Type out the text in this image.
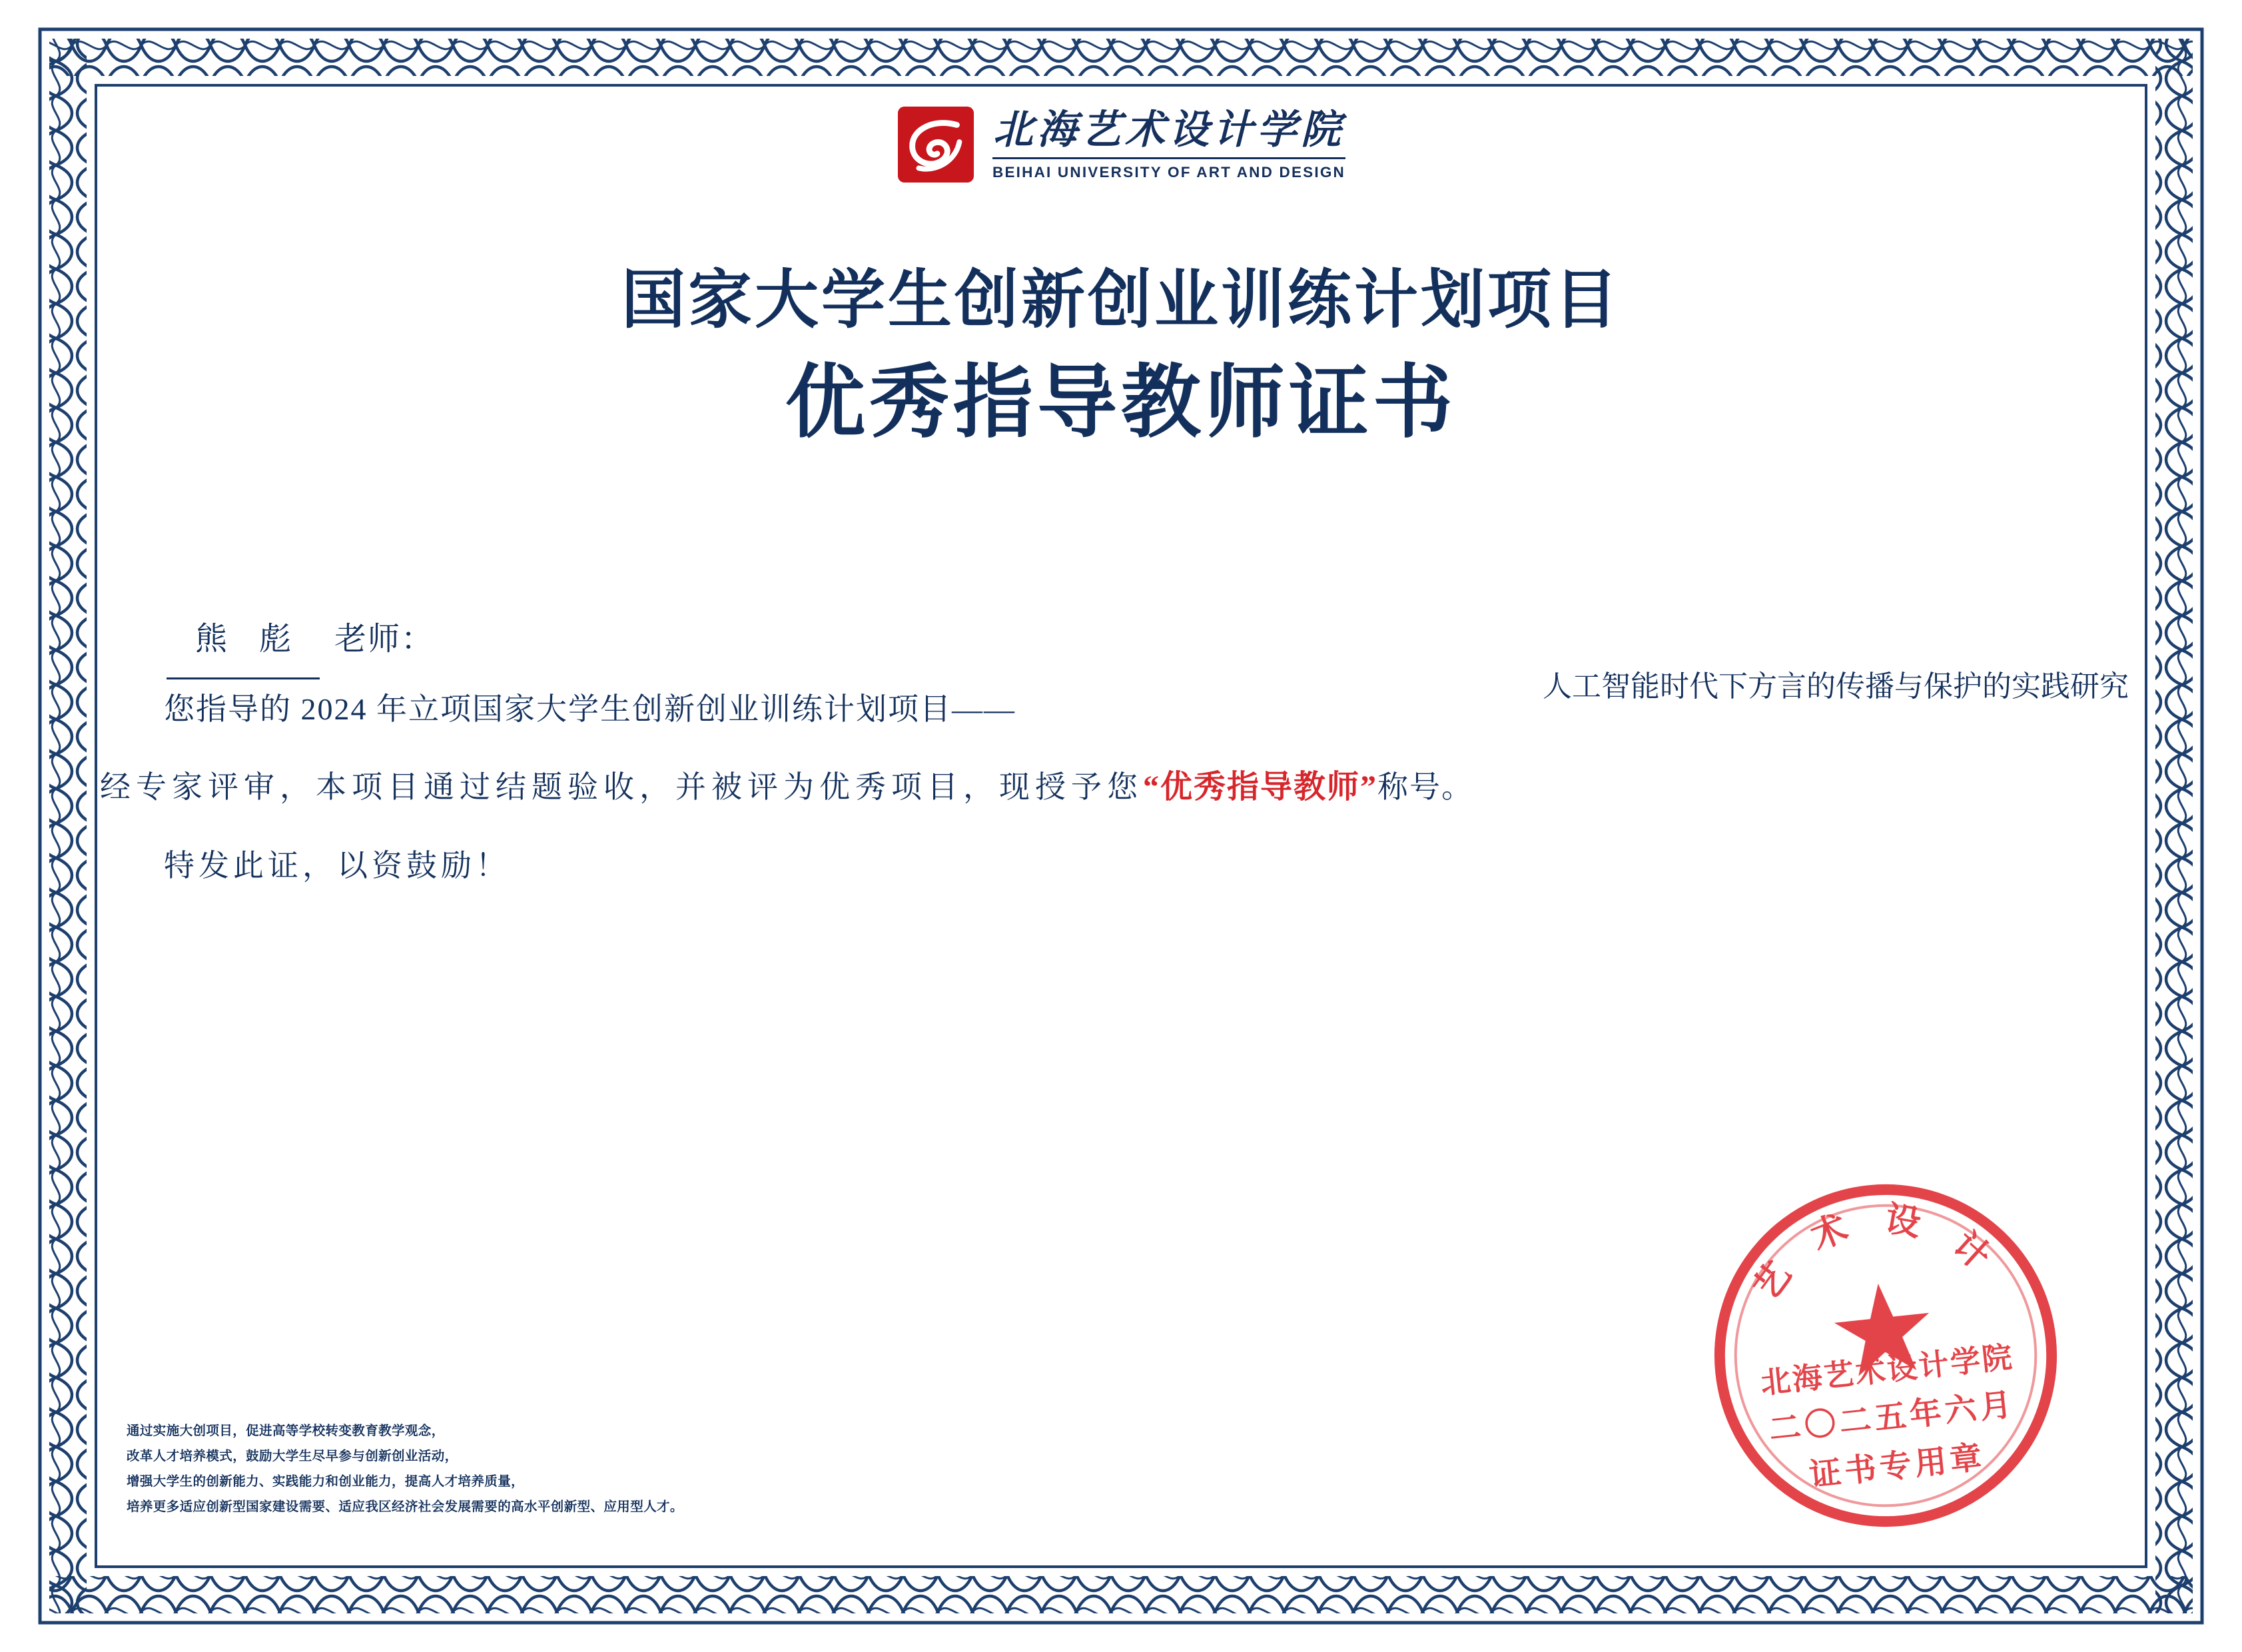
北海艺术设计学院
BEIHAI UNIVERSITY OF ART AND DESIGN
国家大学生创新创业训练计划项目
优秀指导教师证书
熊 彪 老师：
人工智能时代下方言的传播与保护的实践研究
您指导的 2024 年立项国家大学生创新创业训练计划项目——
经专家评审，本项目通过结题验收，并被评为优秀项目，现授予您 “优秀指导教师” 称号。
特发此证，以资鼓励！
通过实施大创项目，促进高等学校转变教育教学观念，
改革人才培养模式，鼓励大学生尽早参与创新创业活动，
增强大学生的创新能力、实践能力和创业能力，提高人才培养质量，
培养更多适应创新型国家建设需要、适应我区经济社会发展需要的高水平创新型、应用型人才。
艺 术 设 计
北海艺术设计学院
二〇二五年六月
证书专用章
